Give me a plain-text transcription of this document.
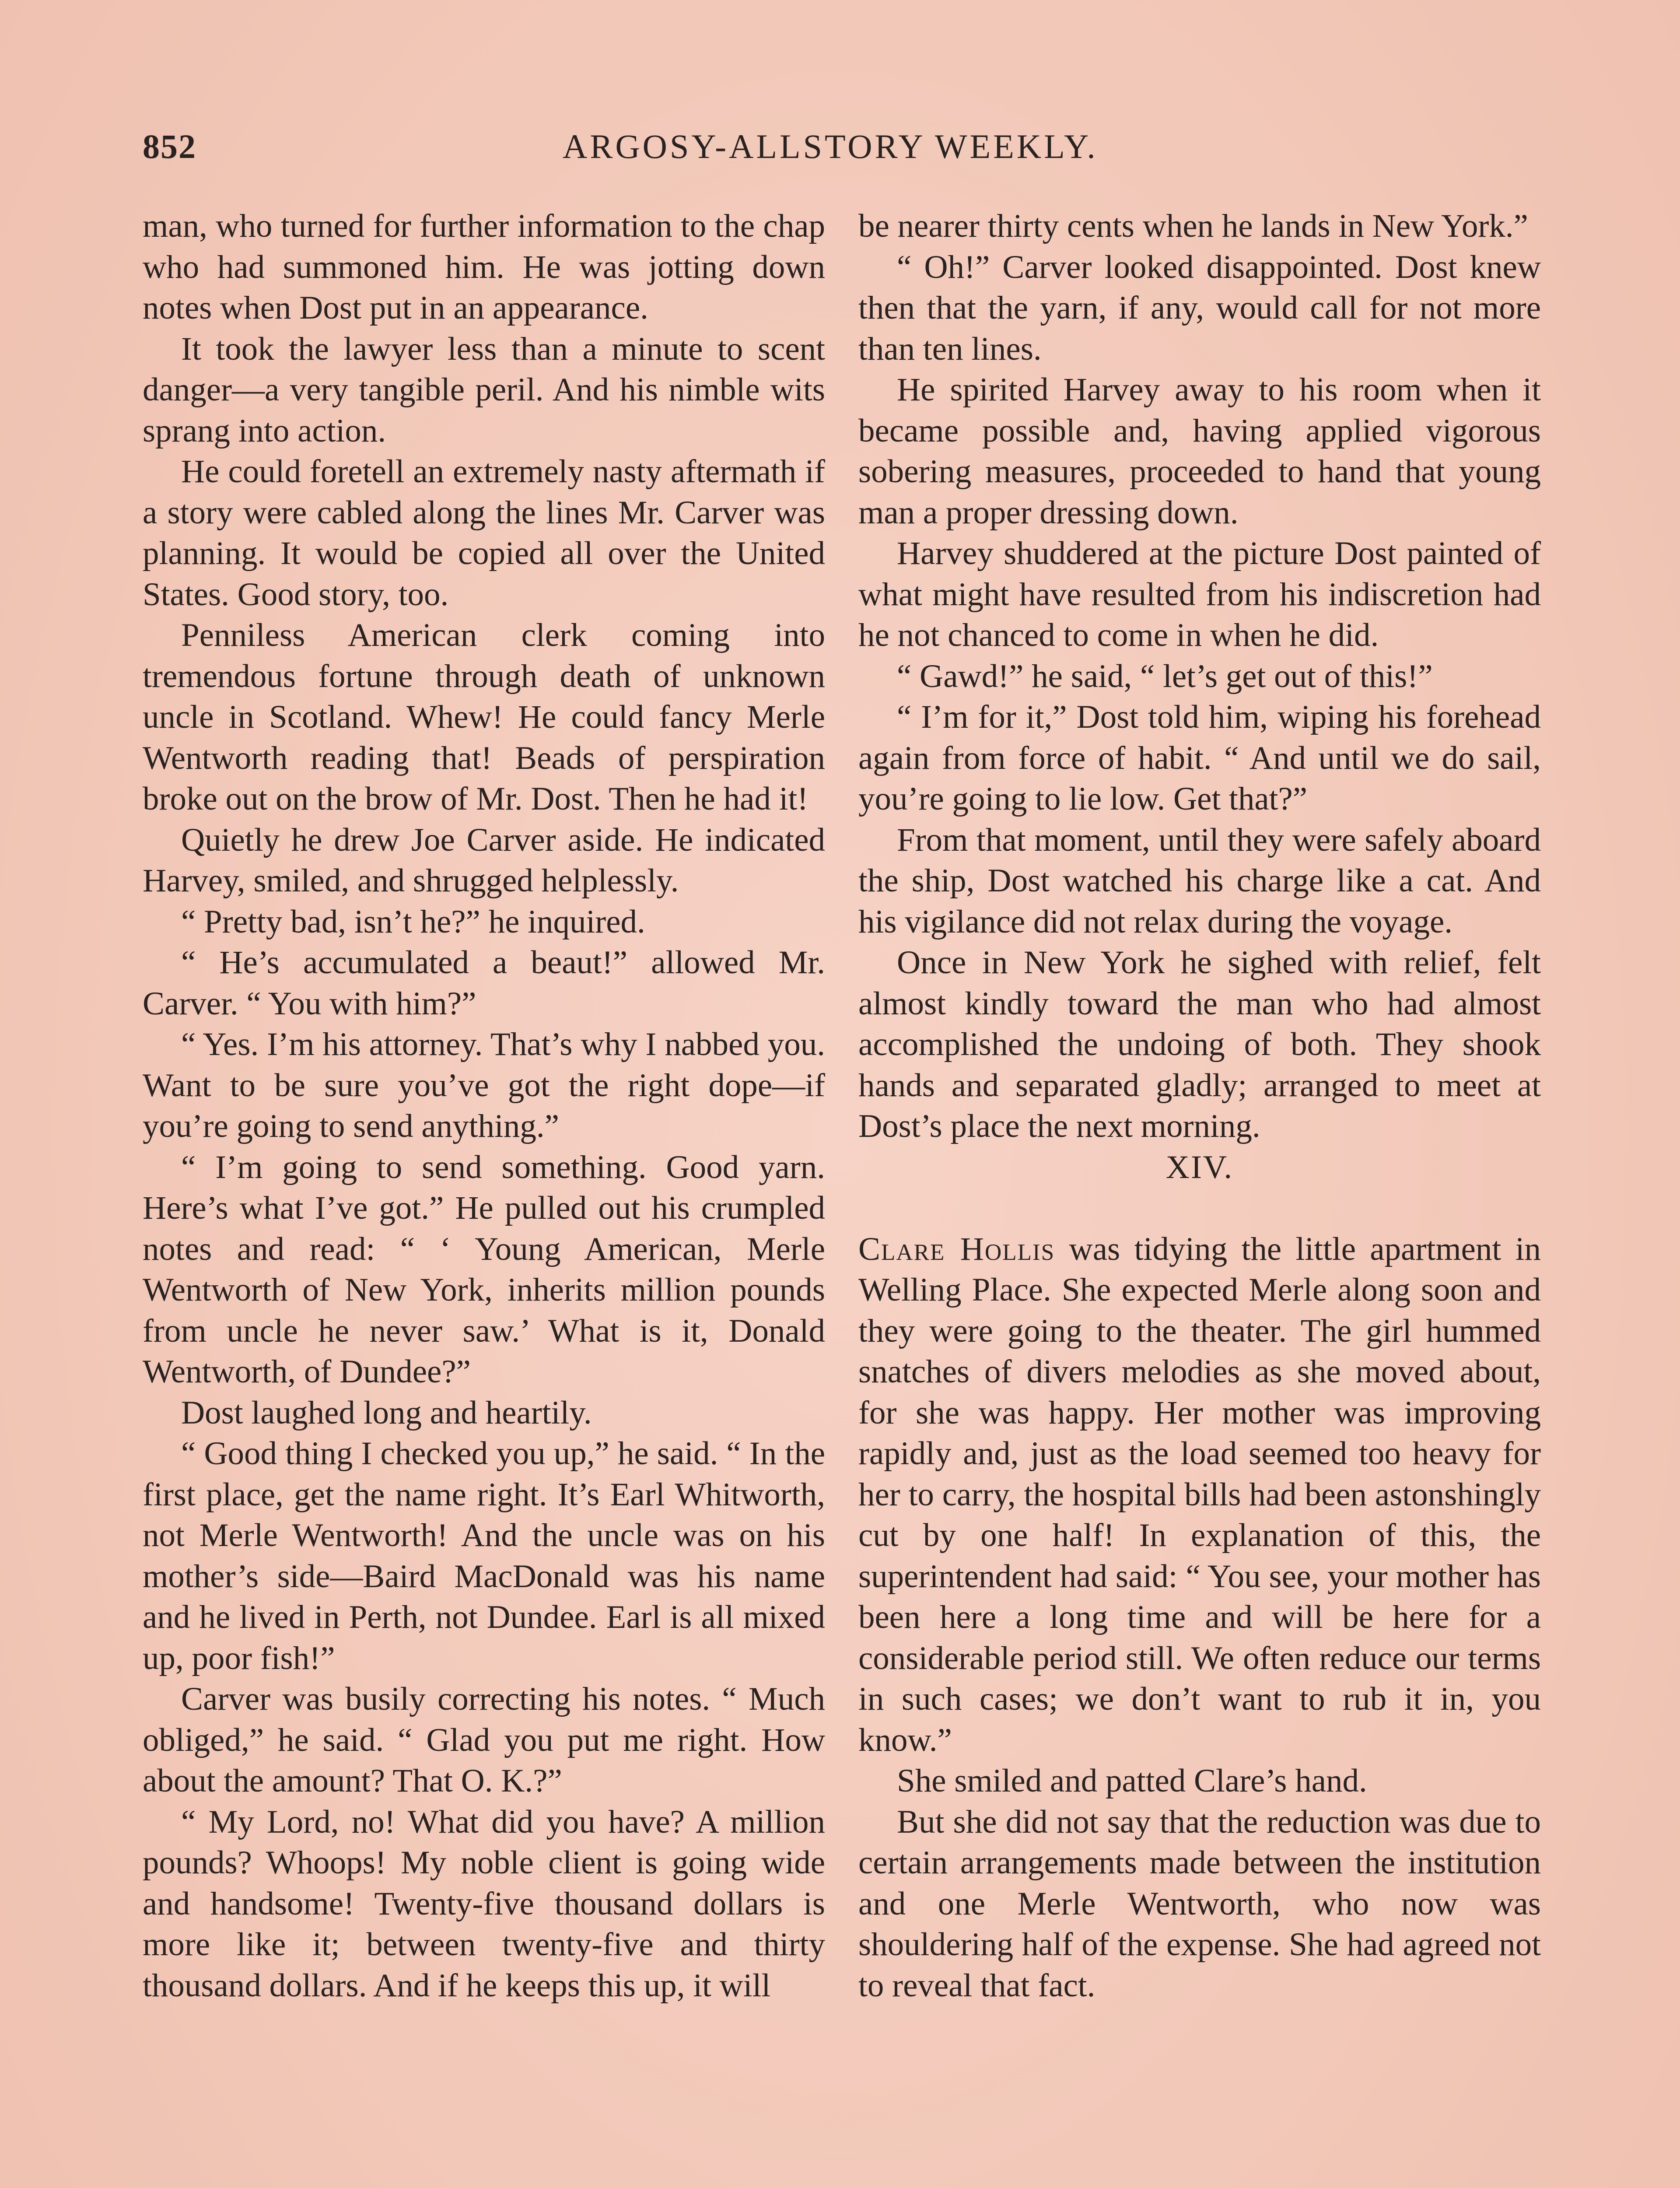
852	ARGOSY-ALLSTORY WEEKLY.

man, who turned for further information to the chap who had summoned him. He was jotting down notes when Dost put in an appearance.

It took the lawyer less than a minute to scent danger—a very tangible peril. And his nimble wits sprang into action.

He could foretell an extremely nasty aftermath if a story were cabled along the lines Mr. Carver was planning. It would be copied all over the United States. Good story, too.

Penniless American clerk coming into tremendous fortune through death of unknown uncle in Scotland. Whew! He could fancy Merle Wentworth reading that! Beads of perspiration broke out on the brow of Mr. Dost. Then he had it!

Quietly he drew Joe Carver aside. He indicated Harvey, smiled, and shrugged helplessly.

“ Pretty bad, isn’t he?” he inquired.

“ He’s accumulated a beaut!” allowed Mr. Carver. “ You with him?”

“ Yes. I’m his attorney. That’s why I nabbed you. Want to be sure you’ve got the right dope—if you’re going to send anything.”

“ I’m going to send something. Good yarn. Here’s what I’ve got.” He pulled out his crumpled notes and read: “ ‘ Young American, Merle Wentworth of New York, inherits million pounds from uncle he never saw.’ What is it, Donald Wentworth, of Dundee?”

Dost laughed long and heartily.

“ Good thing I checked you up,” he said. “ In the first place, get the name right. It’s Earl Whitworth, not Merle Wentworth! And the uncle was on his mother’s side—Baird MacDonald was his name and he lived in Perth, not Dundee. Earl is all mixed up, poor fish!”

Carver was busily correcting his notes. “ Much obliged,” he said. “ Glad you put me right. How about the amount? That O. K.?”

“ My Lord, no! What did you have? A million pounds? Whoops! My noble client is going wide and handsome! Twenty-five thousand dollars is more like it; between twenty-five and thirty thousand dollars. And if he keeps this up, it will

be nearer thirty cents when he lands in New York.”

“ Oh!” Carver looked disappointed. Dost knew then that the yarn, if any, would call for not more than ten lines.

He spirited Harvey away to his room when it became possible and, having applied vigorous sobering measures, proceeded to hand that young man a proper dressing down.

Harvey shuddered at the picture Dost painted of what might have resulted from his indiscretion had he not chanced to come in when he did.

“ Gawd!” he said, “ let’s get out of this!”

“ I’m for it,” Dost told him, wiping his forehead again from force of habit. “ And until we do sail, you’re going to lie low. Get that?”

From that moment, until they were safely aboard the ship, Dost watched his charge like a cat. And his vigilance did not relax during the voyage.

Once in New York he sighed with relief, felt almost kindly toward the man who had almost accomplished the undoing of both. They shook hands and separated gladly; arranged to meet at Dost’s place the next morning.

XIV.

Clare Hollis was tidying the little apartment in Welling Place. She expected Merle along soon and they were going to the theater. The girl hummed snatches of divers melodies as she moved about, for she was happy. Her mother was improving rapidly and, just as the load seemed too heavy for her to carry, the hospital bills had been astonshingly cut by one half! In explanation of this, the superintendent had said: “ You see, your mother has been here a long time and will be here for a considerable period still. We often reduce our terms in such cases; we don’t want to rub it in, you know.”

She smiled and patted Clare’s hand.

But she did not say that the reduction was due to certain arrangements made between the institution and one Merle Wentworth, who now was shouldering half of the expense. She had agreed not to reveal that fact.
